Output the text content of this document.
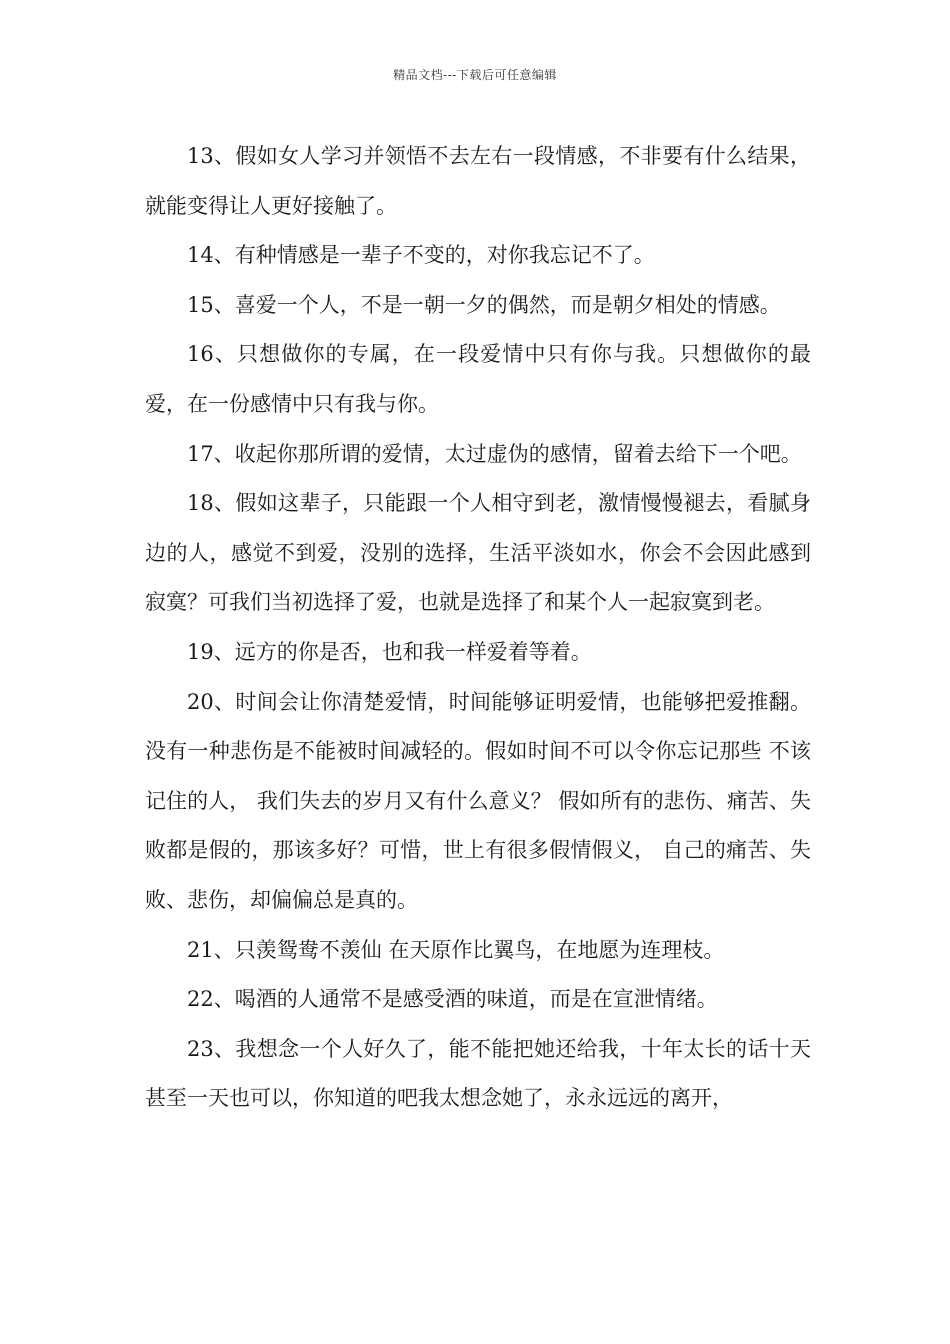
精品文档---下载后可任意编辑

13、假如女人学习并领悟不去左右一段情感，不非要有什么结果，就能变得让人更好接触了。

14、有种情感是一辈子不变的，对你我忘记不了。

15、喜爱一个人，不是一朝一夕的偶然，而是朝夕相处的情感。

16、只想做你的专属，在一段爱情中只有你与我。只想做你的最爱，在一份感情中只有我与你。

17、收起你那所谓的爱情，太过虚伪的感情，留着去给下一个吧。

18、假如这辈子，只能跟一个人相守到老，激情慢慢褪去，看腻身边的人，感觉不到爱，没别的选择，生活平淡如水，你会不会因此感到寂寞？可我们当初选择了爱，也就是选择了和某个人一起寂寞到老。

19、远方的你是否，也和我一样爱着等着。

20、时间会让你清楚爱情，时间能够证明爱情，也能够把爱推翻。没有一种悲伤是不能被时间减轻的。假如时间不可以令你忘记那些 不该记住的人， 我们失去的岁月又有什么意义？ 假如所有的悲伤、痛苦、失败都是假的，那该多好？可惜，世上有很多假情假义， 自己的痛苦、失败、悲伤，却偏偏总是真的。

21、只羡鸳鸯不羡仙 在天原作比翼鸟，在地愿为连理枝。

22、喝酒的人通常不是感受酒的味道，而是在宣泄情绪。

23、我想念一个人好久了，能不能把她还给我，十年太长的话十天甚至一天也可以，你知道的吧我太想念她了，永永远远的离开，
